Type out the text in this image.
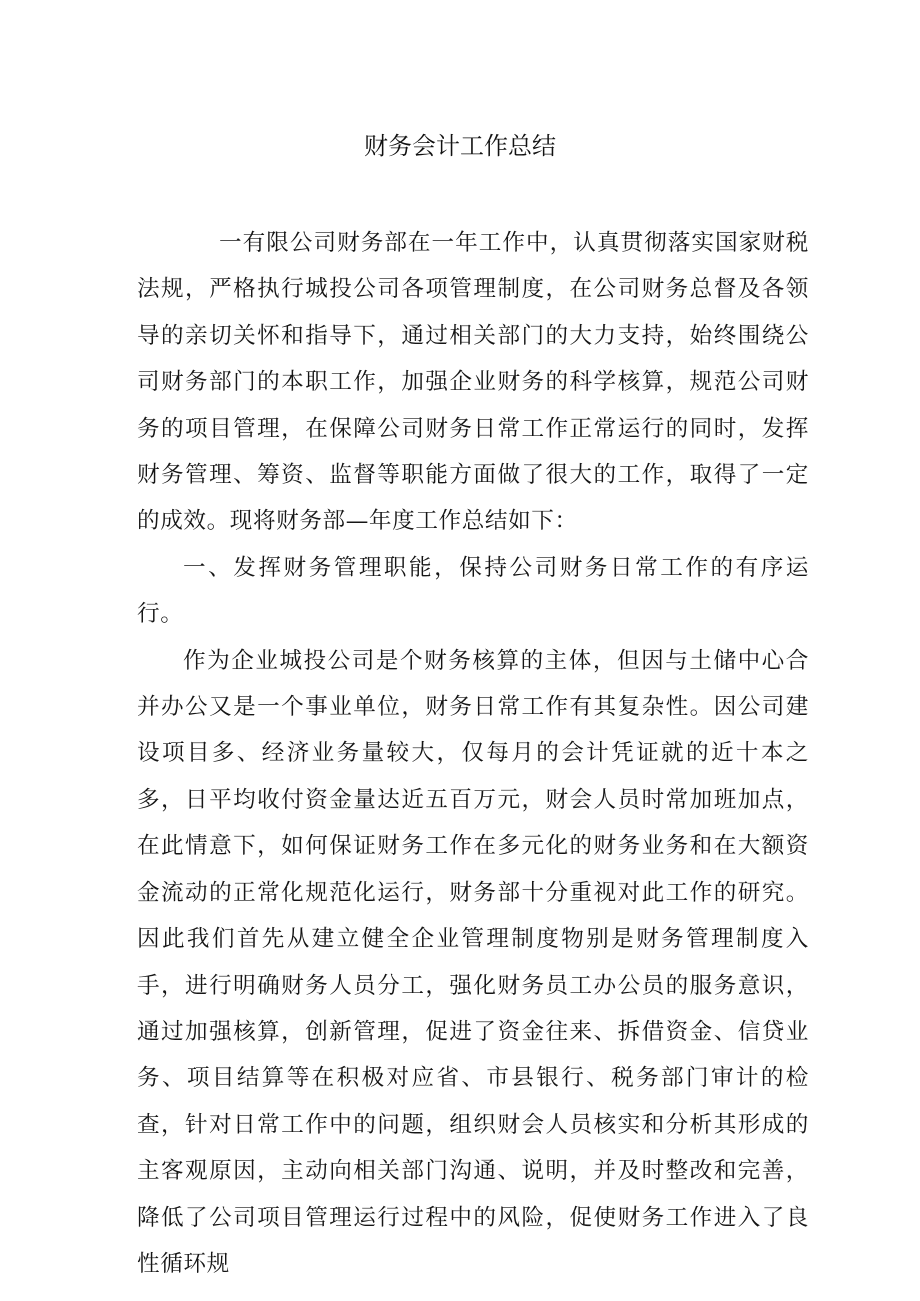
财务会计工作总结

一有限公司财务部在一年工作中，认真贯彻落实国家财税法规，严格执行城投公司各项管理制度，在公司财务总督及各领导的亲切关怀和指导下，通过相关部门的大力支持，始终围绕公司财务部门的本职工作，加强企业财务的科学核算，规范公司财务的项目管理，在保障公司财务日常工作正常运行的同时，发挥财务管理、筹资、监督等职能方面做了很大的工作，取得了一定的成效。现将财务部—年度工作总结如下：

一、发挥财务管理职能，保持公司财务日常工作的有序运行。

作为企业城投公司是个财务核算的主体，但因与土储中心合并办公又是一个事业单位，财务日常工作有其复杂性。因公司建设项目多、经济业务量较大，仅每月的会计凭证就的近十本之多，日平均收付资金量达近五百万元，财会人员时常加班加点，在此情意下，如何保证财务工作在多元化的财务业务和在大额资金流动的正常化规范化运行，财务部十分重视对此工作的研究。因此我们首先从建立健全企业管理制度物别是财务管理制度入手，进行明确财务人员分工，强化财务员工办公员的服务意识，通过加强核算，创新管理，促进了资金往来、拆借资金、信贷业务、项目结算等在积极对应省、市县银行、税务部门审计的检查，针对日常工作中的问题，组织财会人员核实和分析其形成的主客观原因，主动向相关部门沟通、说明，并及时整改和完善，降低了公司项目管理运行过程中的风险，促使财务工作进入了良性循环规
